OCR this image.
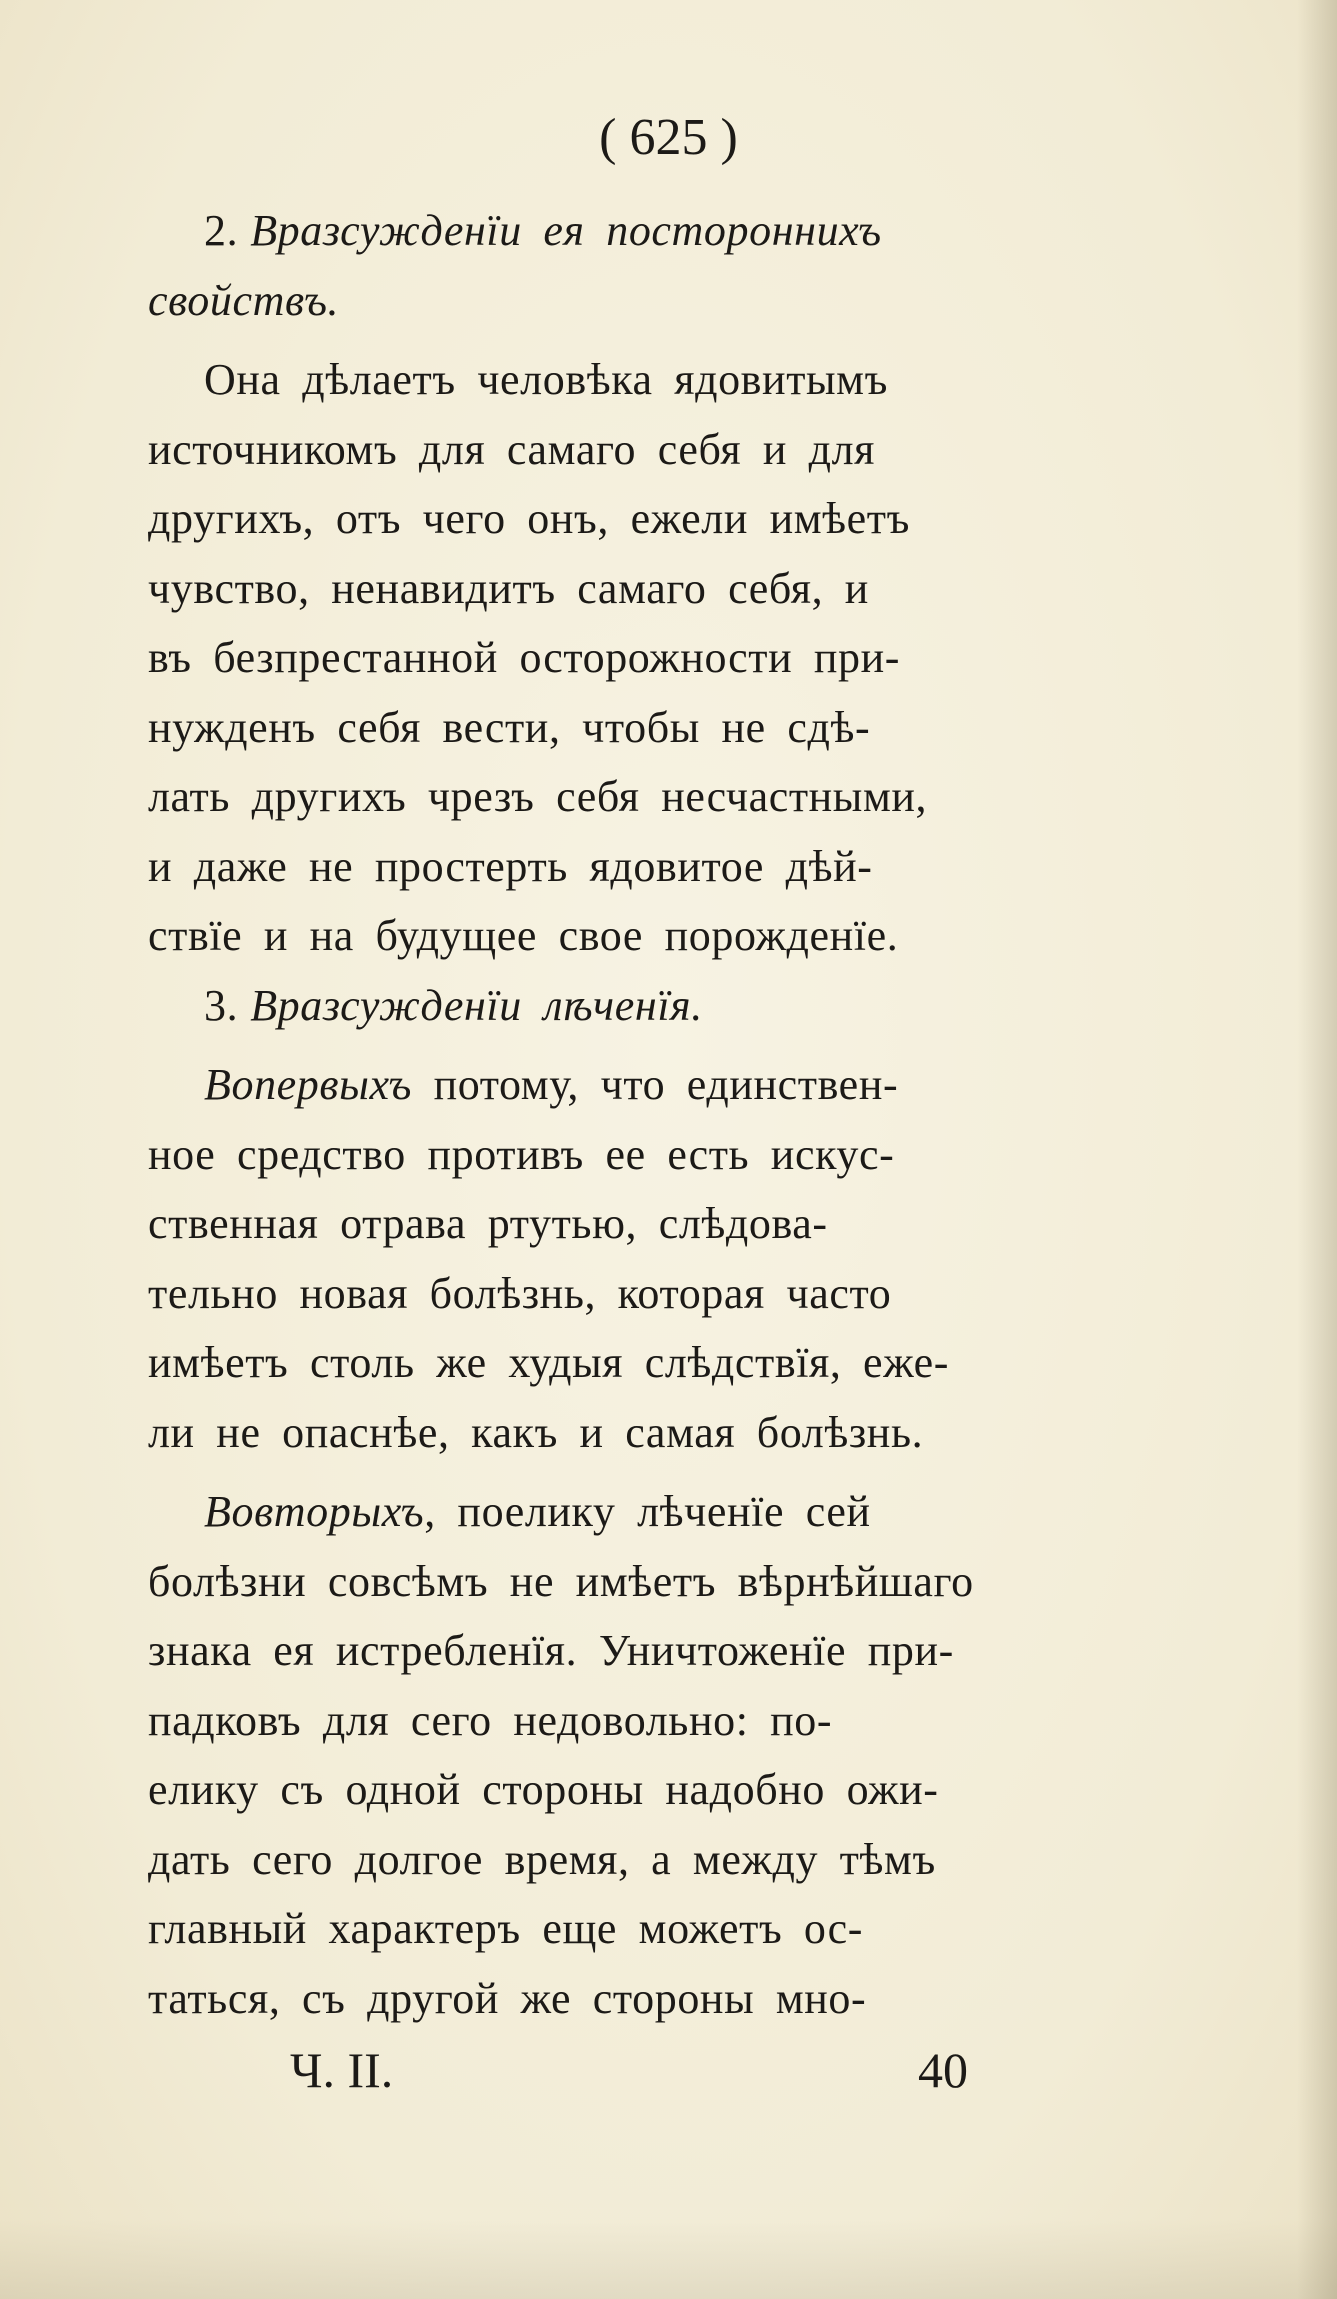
( 625 )
2. Вразсужденїи ея постороннихъ
свойствъ.
Она дѣлаетъ человѣка ядовитымъ
источникомъ для самаго себя и для
другихъ, отъ чего онъ, ежели имѣетъ
чувство, ненавидитъ самаго себя, и
въ безпрестанной осторожности при-
нужденъ себя вести, чтобы не сдѣ-
лать другихъ чрезъ себя несчастными,
и даже не простерть ядовитое дѣй-
ствїе и на будущее свое порожденїе.
3. Вразсужденїи лѣченїя.
Вопервыхъ потому, что единствен-
ное средство противъ ее есть искус-
ственная отрава ртутью, слѣдова-
тельно новая болѣзнь, которая часто
имѣетъ столь же худыя слѣдствїя, еже-
ли не опаснѣе, какъ и самая болѣзнь.
Вовторыхъ, поелику лѣченїе сей
болѣзни совсѣмъ не имѣетъ вѣрнѣйшаго
знака ея истребленїя. Уничтоженїе при-
падковъ для сего недовольно: по-
елику съ одной стороны надобно ожи-
дать сего долгое время, а между тѣмъ
главный характеръ еще можетъ ос-
таться, съ другой же стороны мно-
Ч. II.	40
